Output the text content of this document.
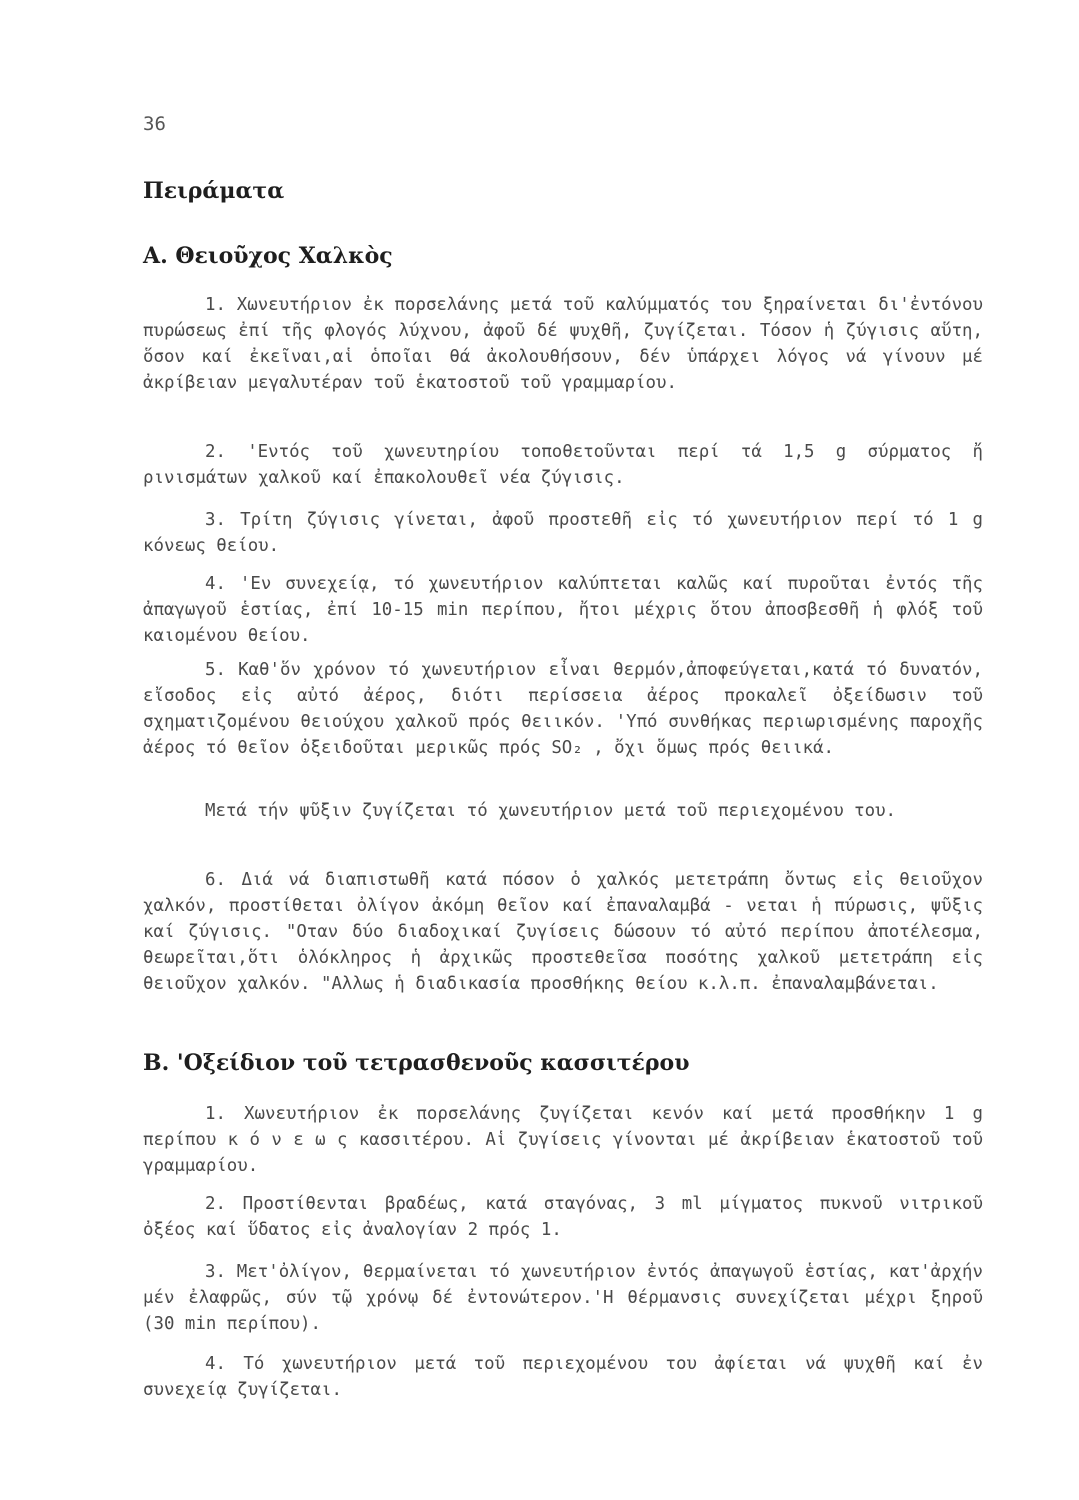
36
Πειράματα
Α. Θειοῦχος Χαλκὸς

1. Χωνευτήριον ἐκ πορσελάνης μετά τοῦ καλύμματός του ξηραίνεται δι'ἐντόνου πυρώσεως ἐπί τῆς φλογός λύχνου, ἀφοῦ δέ ψυχθῆ, ζυγίζεται. Τόσον ἡ ζύγισις αὕτη, ὅσον καί ἐκεῖναι,αἱ ὁποῖαι θά ἀκολουθήσουν, δέν ὑπάρχει λόγος νά γίνουν μέ ἀκρίβειαν μεγαλυτέραν τοῦ ἑκατοστοῦ τοῦ γραμμαρίου.

2. 'Εντός τοῦ χωνευτηρίου τοποθετοῦνται περί τά 1,5 g σύρματος ἤ ρινισμάτων χαλκοῦ καί ἐπακολουθεῖ νέα ζύγισις.

3. Τρίτη ζύγισις γίνεται, ἀφοῦ προστεθῆ εἰς τό χωνευτήριον περί τό 1 g κόνεως θείου.

4. 'Εν συνεχείᾳ, τό χωνευτήριον καλύπτεται καλῶς καί πυροῦται ἐντός τῆς ἀπαγωγοῦ ἑστίας, ἐπί 10-15 min περίπου, ἤτοι μέχρις ὅτου ἀποσβεσθῆ ἡ φλόξ τοῦ καιομένου θείου.

5. Καθ'ὅν χρόνον τό χωνευτήριον εἶναι θερμόν,ἀποφεύγεται,κατά τό δυνατόν, εἴσοδος εἰς αὐτό ἀέρος, διότι περίσσεια ἀέρος προκαλεῖ ὀξείδωσιν τοῦ σχηματιζομένου θειούχου χαλκοῦ πρός θειικόν. 'Υπό συνθήκας περιωρισμένης παροχῆς ἀέρος τό θεῖον ὀξειδοῦται μερικῶς πρός SO₂ , ὄχι ὅμως πρός θειικά.

Μετά τήν ψῦξιν ζυγίζεται τό χωνευτήριον μετά τοῦ περιεχομένου του.

6. Διά νά διαπιστωθῆ κατά πόσον ὁ χαλκός μετετράπη ὄντως εἰς θειοῦχον χαλκόν, προστίθεται ὀλίγον ἀκόμη θεῖον καί ἐπαναλαμβά - νεται ἡ πύρωσις, ψῦξις καί ζύγισις. "Οταν δύο διαδοχικαί ζυγίσεις δώσουν τό αὐτό περίπου ἀποτέλεσμα, θεωρεῖται,ὅτι ὁλόκληρος ἡ ἀρχικῶς προστεθεῖσα ποσότης χαλκοῦ μετετράπη εἰς θειοῦχον χαλκόν. "Αλλως ἡ διαδικασία προσθήκης θείου κ.λ.π. ἐπαναλαμβάνεται.

Β. 'Οξείδιον τοῦ τετρασθενοῦς κασσιτέρου

1. Χωνευτήριον ἐκ πορσελάνης ζυγίζεται κενόν καί μετά προσθήκην 1 g περίπου κ ό ν ε ω ς κασσιτέρου. Αἱ ζυγίσεις γίνονται μέ ἀκρίβειαν ἑκατοστοῦ τοῦ γραμμαρίου.

2. Προστίθενται βραδέως, κατά σταγόνας, 3 ml μίγματος πυκνοῦ νιτρικοῦ ὀξέος καί ὕδατος εἰς ἀναλογίαν 2 πρός 1.

3. Μετ'ὀλίγον, θερμαίνεται τό χωνευτήριον ἐντός ἀπαγωγοῦ ἑστίας, κατ'ἀρχήν μέν ἐλαφρῶς, σύν τῷ χρόνῳ δέ ἐντονώτερον.'Η θέρμανσις συνεχίζεται μέχρι ξηροῦ (30 min περίπου).

4. Τό χωνευτήριον μετά τοῦ περιεχομένου του ἀφίεται νά ψυχθῆ καί ἐν συνεχείᾳ ζυγίζεται.
